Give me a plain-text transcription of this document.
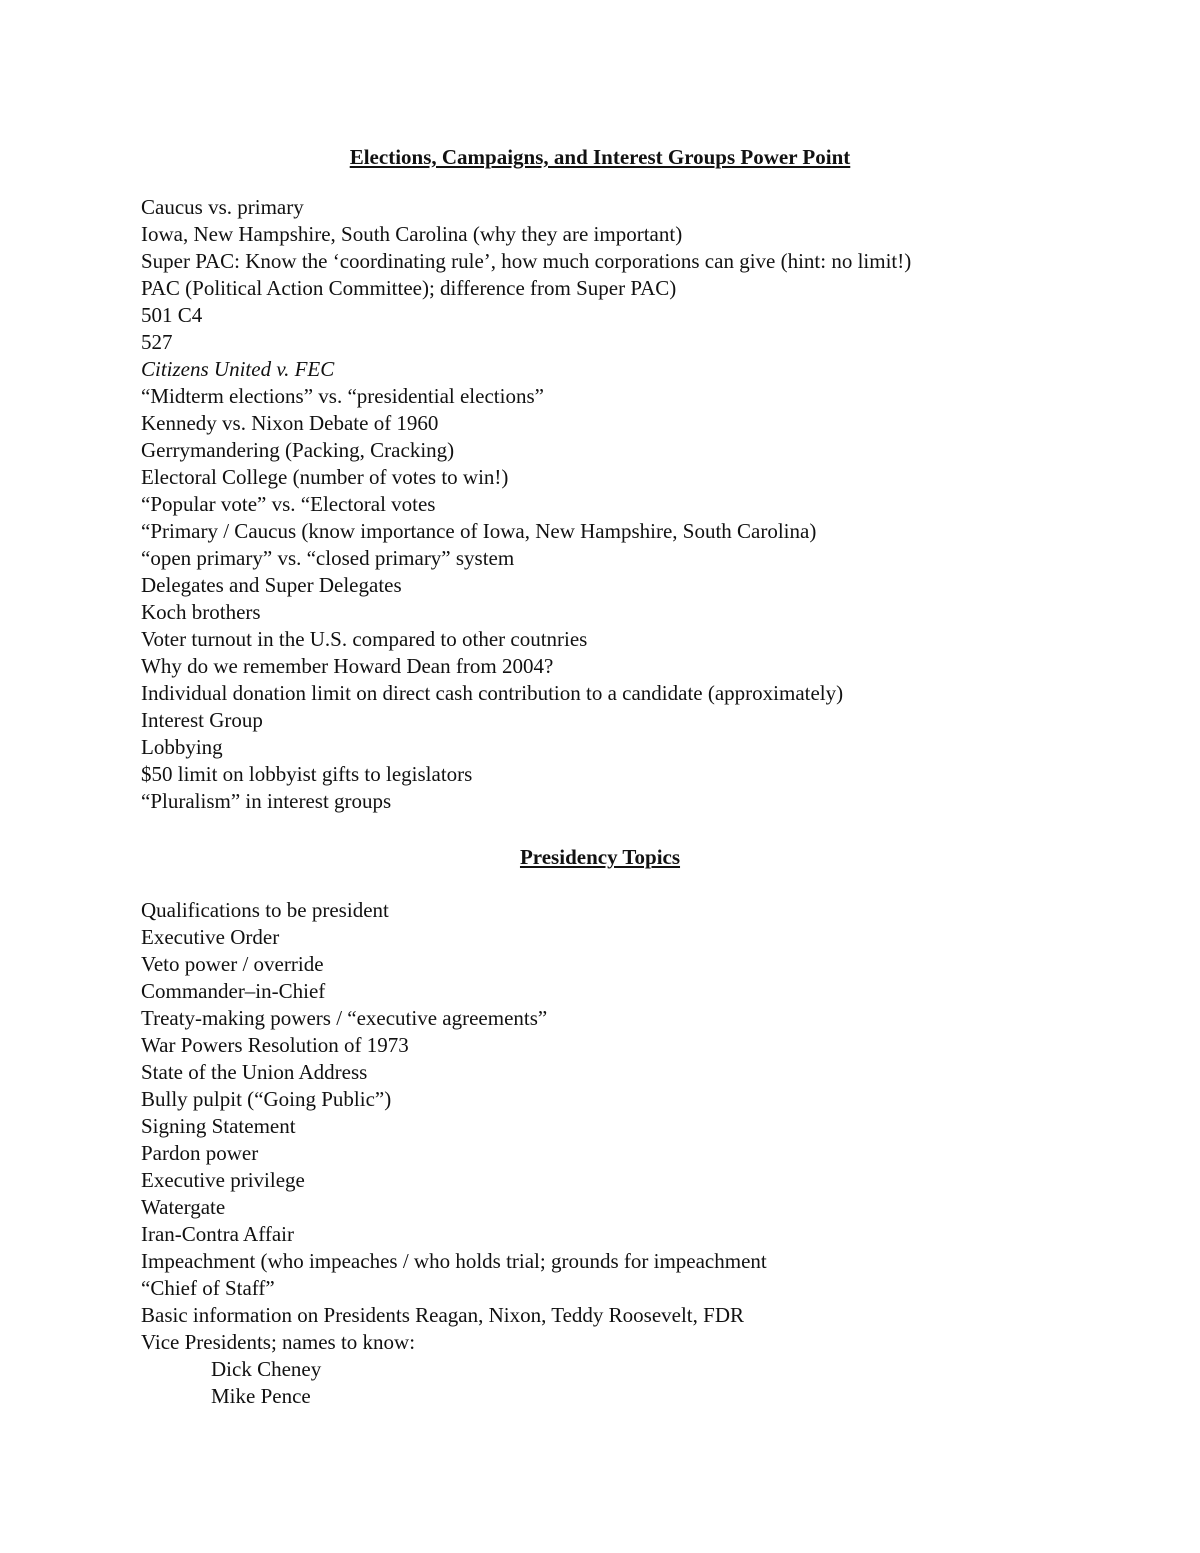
Elections, Campaigns, and Interest Groups Power Point
Caucus vs. primary
Iowa, New Hampshire, South Carolina (why they are important)
Super PAC: Know the ‘coordinating rule’, how much corporations can give (hint: no limit!)
PAC (Political Action Committee); difference from Super PAC)
501 C4
527
Citizens United v. FEC
“Midterm elections” vs. “presidential elections”
Kennedy vs. Nixon Debate of 1960
Gerrymandering (Packing, Cracking)
Electoral College (number of votes to win!)
“Popular vote” vs. “Electoral votes
“Primary / Caucus (know importance of Iowa, New Hampshire, South Carolina)
“open primary” vs. “closed primary” system
Delegates and Super Delegates
Koch brothers
Voter turnout in the U.S. compared to other coutnries
Why do we remember Howard Dean from 2004?
Individual donation limit on direct cash contribution to a candidate (approximately)
Interest Group
Lobbying
$50 limit on lobbyist gifts to legislators
“Pluralism” in interest groups
Presidency Topics
Qualifications to be president
Executive Order
Veto power / override
Commander–in-Chief
Treaty-making powers / “executive agreements”
War Powers Resolution of 1973
State of the Union Address
Bully pulpit (“Going Public”)
Signing Statement
Pardon power
Executive privilege
Watergate
Iran-Contra Affair
Impeachment (who impeaches / who holds trial; grounds for impeachment
“Chief of Staff”
Basic information on Presidents Reagan, Nixon, Teddy Roosevelt, FDR
Vice Presidents; names to know:
Dick Cheney
Mike Pence
